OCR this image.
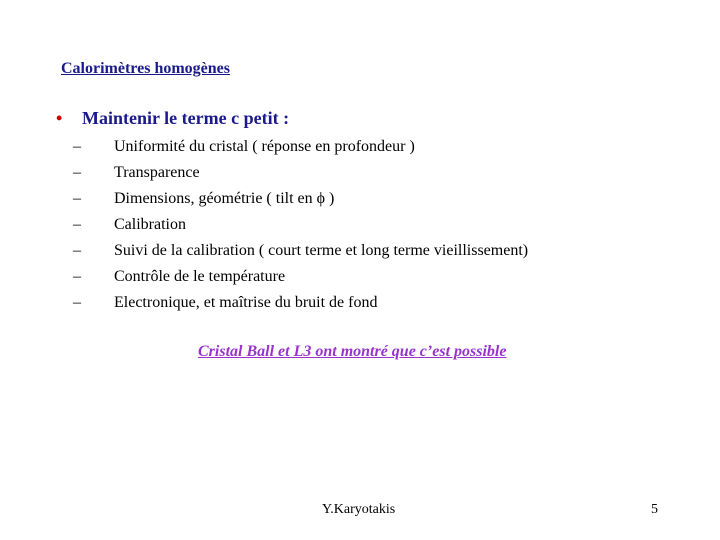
Calorimètres homogènes
• Maintenir le terme c petit :
– Uniformité du cristal ( réponse en profondeur )
– Transparence
– Dimensions, géométrie ( tilt en ϕ )
– Calibration
– Suivi de la calibration ( court terme et long terme vieillissement)
– Contrôle de le température
– Electronique, et maîtrise du bruit de fond
Cristal Ball et L3 ont montré que c’est possible
Y.Karyotakis	5
